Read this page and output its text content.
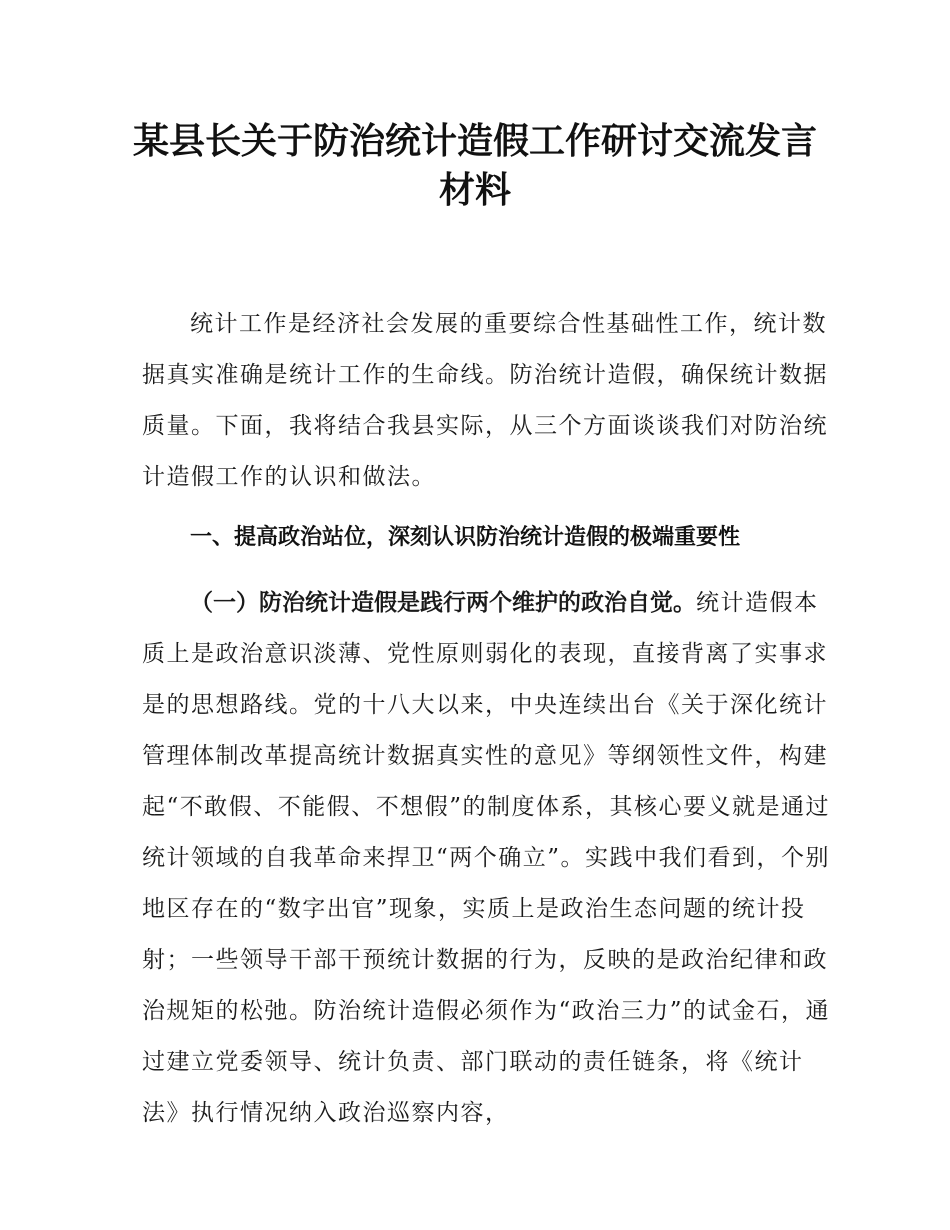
某县长关于防治统计造假工作研讨交流发言
材料

统计工作是经济社会发展的重要综合性基础性工作，统计数据真实准确是统计工作的生命线。防治统计造假，确保统计数据质量。下面，我将结合我县实际，从三个方面谈谈我们对防治统计造假工作的认识和做法。

一、提高政治站位，深刻认识防治统计造假的极端重要性

（一）防治统计造假是践行两个维护的政治自觉。统计造假本质上是政治意识淡薄、党性原则弱化的表现，直接背离了实事求是的思想路线。党的十八大以来，中央连续出台《关于深化统计管理体制改革提高统计数据真实性的意见》等纲领性文件，构建起“不敢假、不能假、不想假”的制度体系，其核心要义就是通过统计领域的自我革命来捍卫“两个确立”。实践中我们看到，个别地区存在的“数字出官”现象，实质上是政治生态问题的统计投射；一些领导干部干预统计数据的行为，反映的是政治纪律和政治规矩的松弛。防治统计造假必须作为“政治三力”的试金石，通过建立党委领导、统计负责、部门联动的责任链条，将《统计法》执行情况纳入政治巡察内容，
